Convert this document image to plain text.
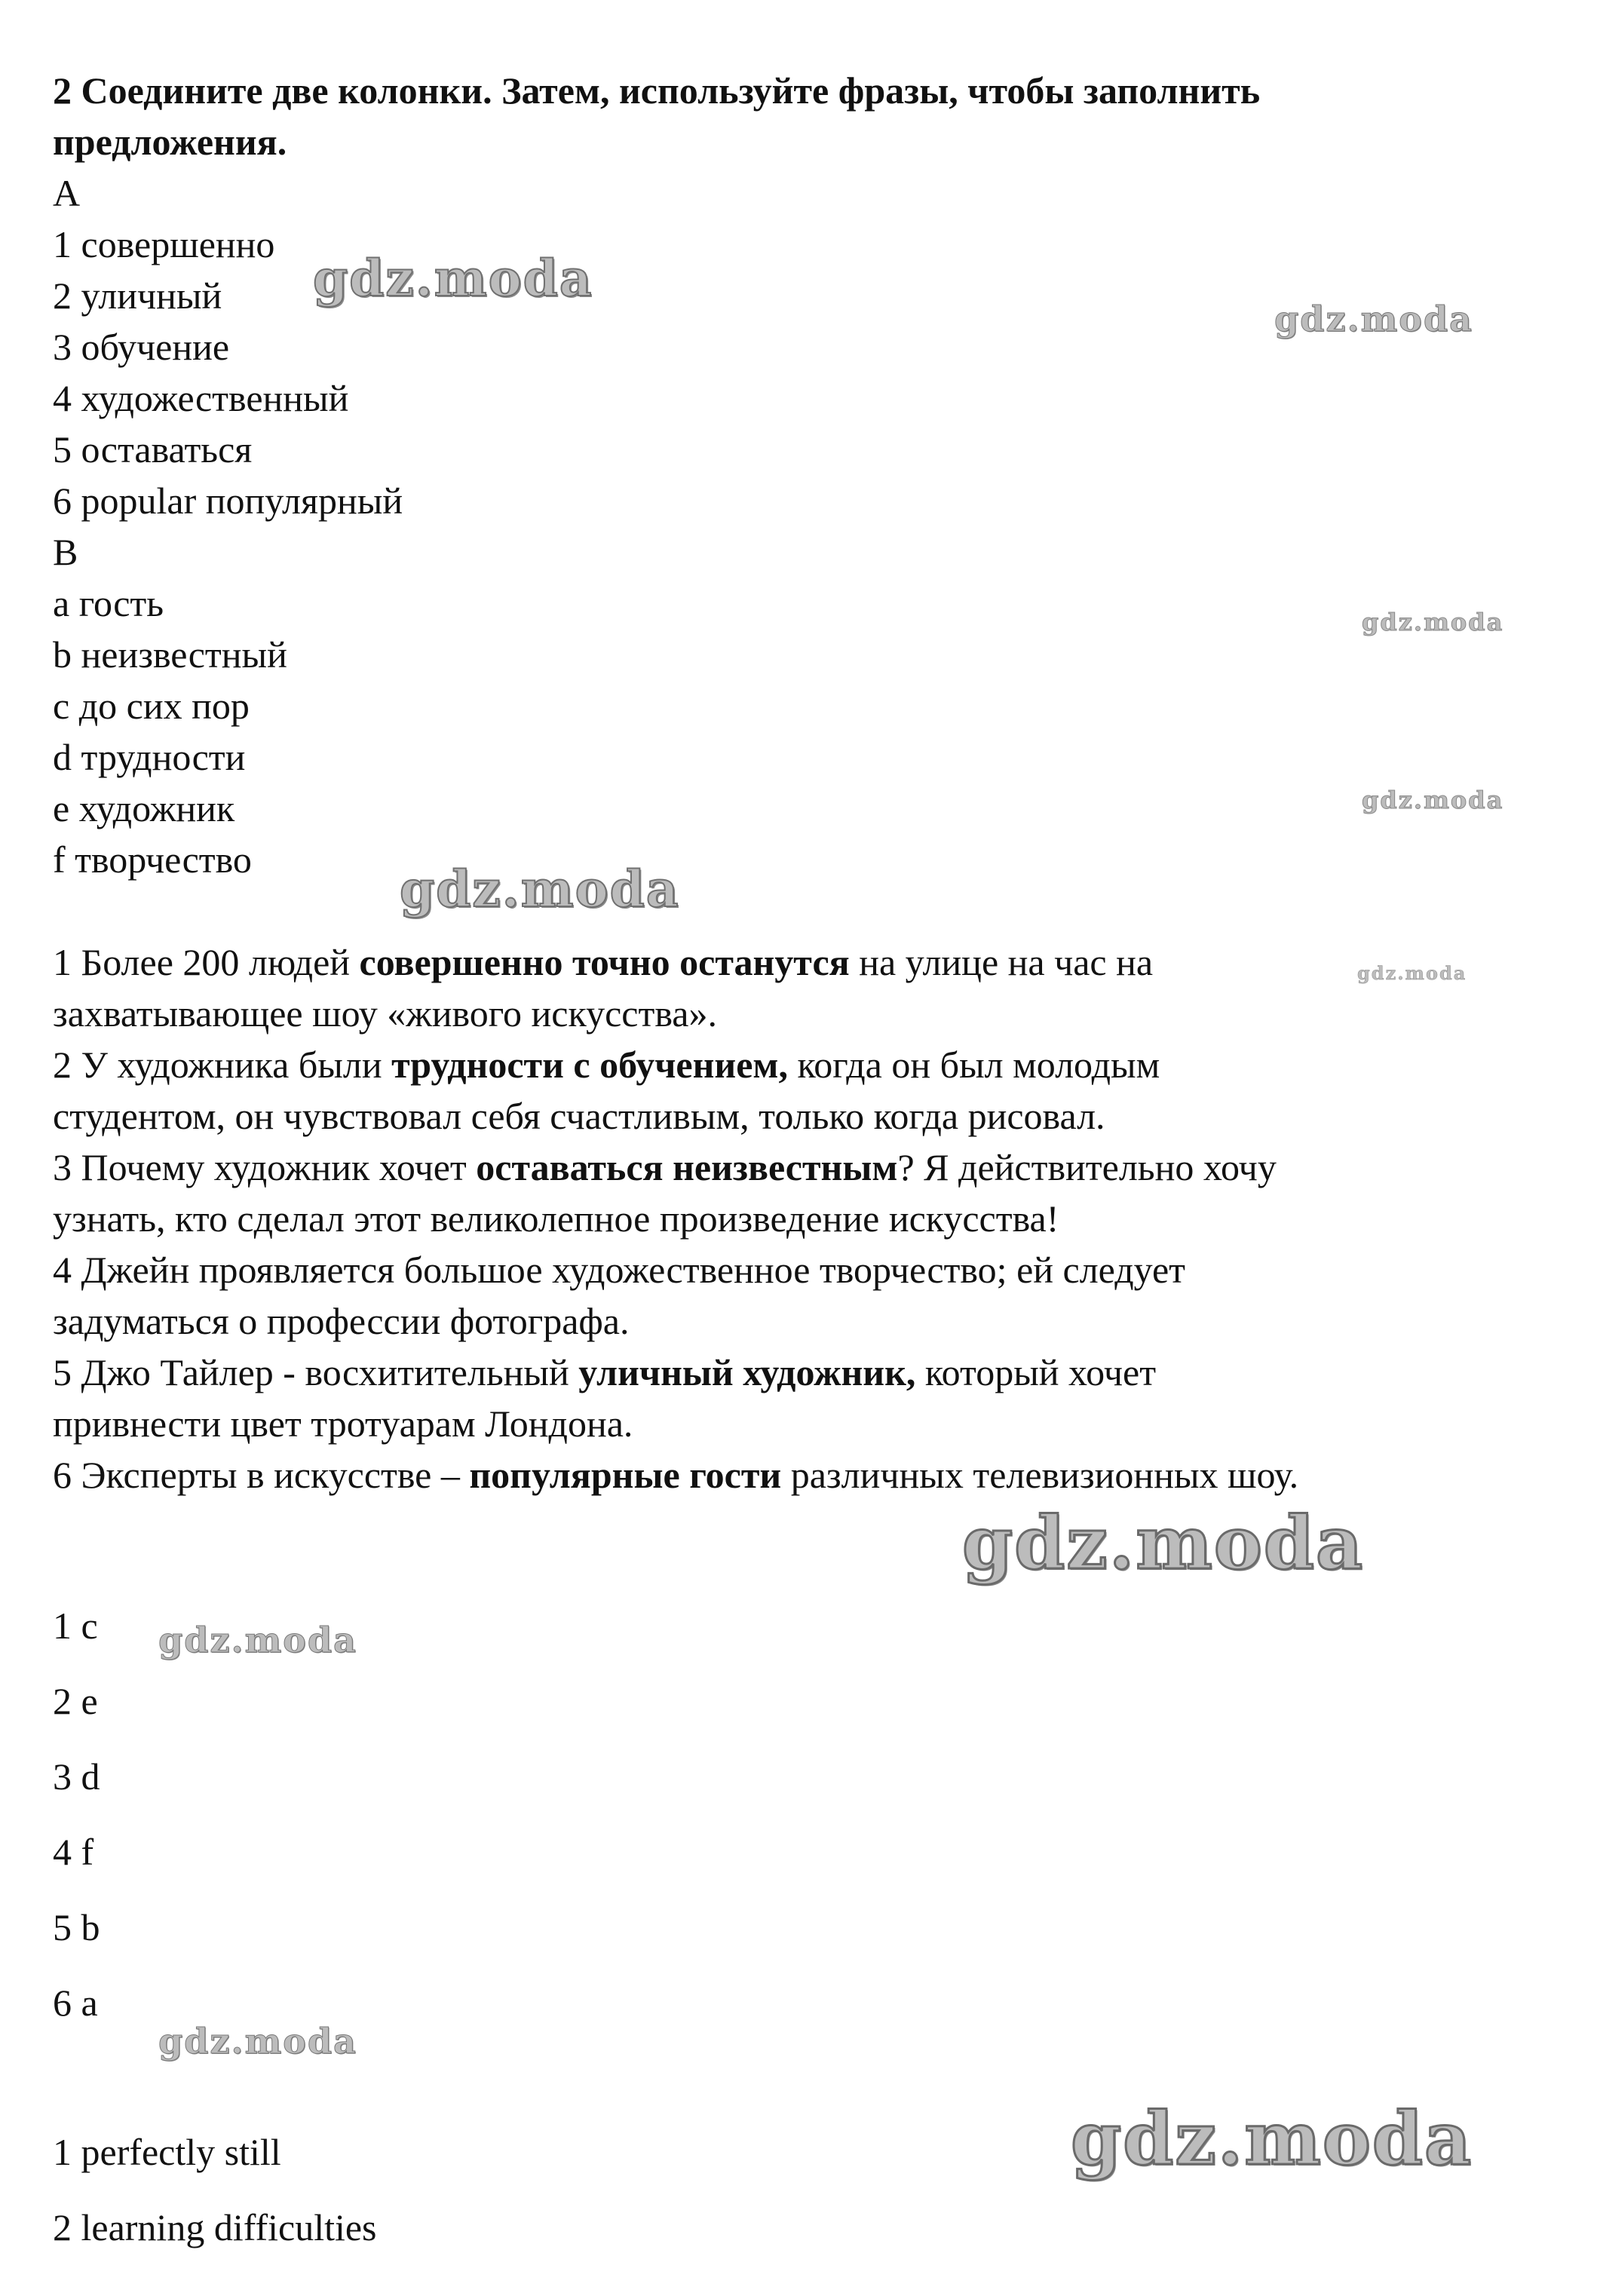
2 Соедините две колонки. Затем, используйте фразы, чтобы заполнить
предложения.
A
1 совершенно
2 уличный
3 обучение
4 художественный
5 оставаться
6 popular популярный
B
a гость
b неизвестный
c до сих пор
d трудности
e художник
f творчество
1 Более 200 людей совершенно точно останутся на улице на час на
захватывающее шоу «живого искусства».
2 У художника были трудности с обучением, когда он был молодым
студентом, он чувствовал себя счастливым, только когда рисовал.
3 Почему художник хочет оставаться неизвестным? Я действительно хочу
узнать, кто сделал этот великолепное произведение искусства!
4 Джейн проявляется большое художественное творчество; ей следует
задуматься о профессии фотографа.
5 Джо Тайлер - восхитительный уличный художник, который хочет
привнести цвет тротуарам Лондона.
6 Эксперты в искусстве – популярные гости различных телевизионных шоу.
1 c
2 e
3 d
4 f
5 b
6 a
1 perfectly still
2 learning difficulties
gdz.moda
gdz.moda
gdz.moda
gdz.moda
gdz.moda
gdz.moda
gdz.moda
gdz.moda
gdz.moda
gdz.moda
